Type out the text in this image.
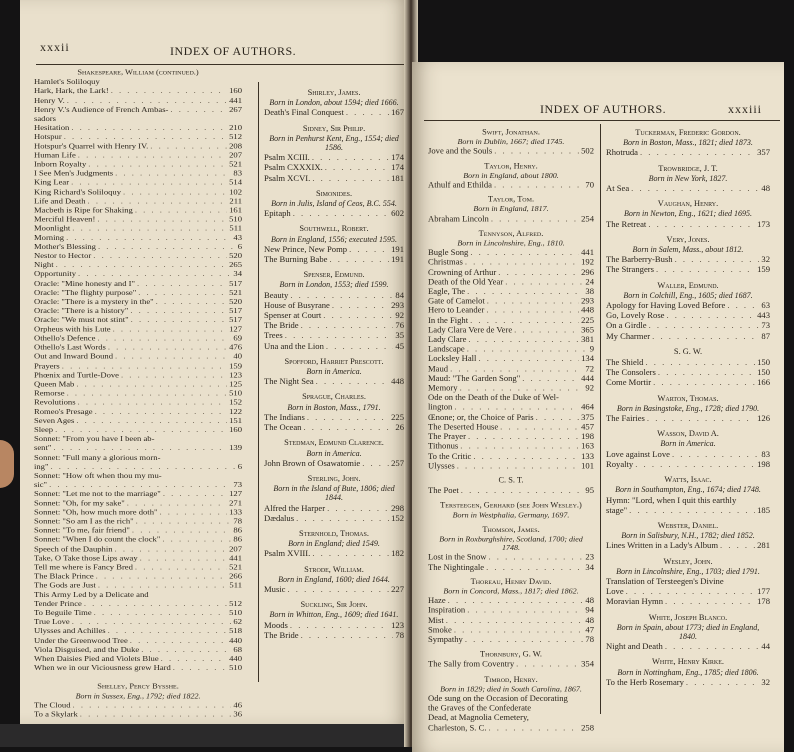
xxxii	INDEX OF AUTHORS.
Shakespeare, William (continued.)
Hamlet's Soliloquy
Hark, Hark, the Lark! . . .	160
Henry V. . . .	441
Henry V.'s Audience of French Ambas- . . .	267
sadors
Hesitation . . .	210
Hotspur . . .	512
Hotspur's Quarrel with Henry IV. . . .	208
Human Life . . .	207
Inborn Royalty . . .	521
I See Men's Judgments . . .	83
King Lear . . .	514
King Richard's Soliloquy . . .	102
Life and Death . . .	211
Macbeth is Ripe for Shaking . . .	161
Merciful Heaven! . . .	510
Moonlight . . .	511
Morning . . .	43
Mother's Blessing . . .	6
Nestor to Hector . . .	520
Night . . .	265
Opportunity . . .	34
Oracle: "Mine honesty and I" . . .	517
Oracle: "The flighty purpose" . . .	521
Oracle: "There is a mystery in the" . . .	520
Oracle: "There is a history" . . .	517
Oracle: "We must not stint" . . .	517
Orpheus with his Lute . . .	127
Othello's Defence . . .	69
Othello's Last Words . . .	476
Out and Inward Bound . . .	40
Prayers . . .	159
Phœnix and Turtle-Dove . . .	123
Queen Mab . . .	125
Remorse . . .	510
Revolutions . . .	152
Romeo's Presage . . .	122
Seven Ages . . .	151
Sleep . . .	160
Sonnet: "From you have I been ab-
sent" . . .	139
Sonnet: "Full many a glorious morn-
ing" . . .	6
Sonnet: "How oft when thou my mu-
sic" . . .	73
Sonnet: "Let me not to the marriage" . . .	127
Sonnet: "Oh, for my sake" . . .	271
Sonnet: "Oh, how much more doth" . . .	133
Sonnet: "So am I as the rich" . . .	78
Sonnet: "To me, fair friend" . . .	86
Sonnet: "When I do count the clock" . . .	86
Speech of the Dauphin . . .	207
Take, O Take those Lips away . . .	441
Tell me where is Fancy Bred . . .	521
The Black Prince . . .	266
The Gods are Just . . .	511
This Army Led by a Delicate and
Tender Prince . . .	512
To Beguile Time . . .	510
True Love . . .	62
Ulysses and Achilles . . .	518
Under the Greenwood Tree . . .	440
Viola Disguised, and the Duke . . .	68
When Daisies Pied and Violets Blue . . .	440
When we in our Viciousness grew Hard . . .	510
Shelley, Percy Bysshe.
Born in Sussex, Eng., 1792; died 1822.
The Cloud . . .	46
To a Skylark . . .	36
Shirley, James.
Born in London, about 1594; died 1666.
Death's Final Conquest . . .	167
Sidney, Sir Philip.
Born in Penhurst Kent, Eng., 1554; died 1586.
Psalm XCIII. . . .	174
Psalm CXXXIX. . . .	174
Psalm XCVI. . . .	181
Simonides.
Born in Julis, Island of Ceos, B.C. 554.
Epitaph . . .	602
Southwell, Robert.
Born in England, 1556; executed 1595.
New Prince, New Pomp . . .	191
The Burning Babe . . .	191
Spenser, Edmund.
Born in London, 1553; died 1599.
Beauty . . .	84
House of Busyrane . . .	293
Spenser at Court . . .	92
The Bride . . .	76
Trees . . .	35
Una and the Lion . . .	45
Spofford, Harriet Prescott.
Born in America.
The Night Sea . . .	448
Sprague, Charles.
Born in Boston, Mass., 1791.
The Indians . . .	225
The Ocean . . .	26
Stedman, Edmund Clarence.
Born in America.
John Brown of Osawatomie . . .	257
Sterling, John.
Born in the Island of Bute, 1806; died 1844.
Alfred the Harper . . .	298
Dædalus . . .	152
Sternhold, Thomas.
Born in England; died 1549.
Psalm XVIII. . . .	182
Strode, William.
Born in England, 1600; died 1644.
Music . . .	227
Suckling, Sir John.
Born in Whitton, Eng., 1609; died 1641.
Moods . . .	123
The Bride . . .	78
INDEX OF AUTHORS.	xxxiii
Swift, Jonathan.
Born in Dublin, 1667; died 1745.
Jove and the Souls . . .	502
Taylor, Henry.
Born in England, about 1800.
Athulf and Ethilda . . .	70
Taylor, Tom.
Born in England, 1817.
Abraham Lincoln . . .	254
Tennyson, Alfred.
Born in Lincolnshire, Eng., 1810.
Bugle Song . . .	441
Christmas . . .	192
Crowning of Arthur . . .	296
Death of the Old Year . . .	24
Eagle, The . . .	38
Gate of Camelot . . .	293
Hero to Leander . . .	448
In the Fight . . .	225
Lady Clara Vere de Vere . . .	365
Lady Clare . . .	381
Landscape . . .	9
Locksley Hall . . .	134
Maud . . .	72
Maud: "The Garden Song" . . .	444
Memory . . .	92
Ode on the Death of the Duke of Wel-
lington . . .	464
Œnone; or, the Choice of Paris . . .	375
The Deserted House . . .	457
The Prayer . . .	198
Tithonus . . .	163
To the Critic . . .	133
Ulysses . . .	101
C. S. T.
The Poet . . .	95
Tersteegen, Gerhard (see John Wesley.)
Born in Westphalia, Germany, 1697.
Thomson, James.
Born in Roxburghshire, Scotland, 1700; died 1748.
Lost in the Snow . . .	23
The Nightingale . . .	34
Thoreau, Henry David.
Born in Concord, Mass., 1817; died 1862.
Haze . . .	48
Inspiration . . .	94
Mist . . .	48
Smoke . . .	47
Sympathy . . .	78
Thornbury, G. W.
The Sally from Coventry . . .	354
Timrod, Henry.
Born in 1829; died in South Carolina, 1867.
Ode sung on the Occasion of Decorating
the Graves of the Confederate
Dead, at Magnolia Cemetery,
Charleston, S. C. . . .	258
Tuckerman, Frederic Gordon.
Born in Boston, Mass., 1821; died 1873.
Rhotruda . . .	357
Trowbridge, J. T.
Born in New York, 1827.
At Sea . . .	48
Vaughan, Henry.
Born in Newton, Eng., 1621; died 1695.
The Retreat . . .	173
Very, Jones.
Born in Salem, Mass., about 1812.
The Barberry-Bush . . .	32
The Strangers . . .	159
Waller, Edmund.
Born in Colchill, Eng., 1605; died 1687.
Apology for Having Loved Before . . .	63
Go, Lovely Rose . . .	443
On a Girdle . . .	73
My Charmer . . .	87
S. G. W.
The Shield . . .	150
The Consolers . . .	150
Come Mortir . . .	166
Warton, Thomas.
Born in Basingstoke, Eng., 1728; died 1790.
The Fairies . . .	126
Wasson, David A.
Born in America.
Love against Love . . .	83
Royalty . . .	198
Watts, Isaac.
Born in Southampton, Eng., 1674; died 1748.
Hymn: "Lord, when I quit this earthly
stage" . . .	185
Webster, Daniel.
Born in Salisbury, N.H., 1782; died 1852.
Lines Written in a Lady's Album . . .	281
Wesley, John.
Born in Lincolnshire, Eng., 1703; died 1791.
Translation of Tersteegen's Divine
Love . . .	177
Moravian Hymn . . .	178
White, Joseph Blanco.
Born in Spain, about 1773; died in England, 1840.
Night and Death . . .	44
White, Henry Kirke.
Born in Nottingham, Eng., 1785; died 1806.
To the Herb Rosemary . . .	32
